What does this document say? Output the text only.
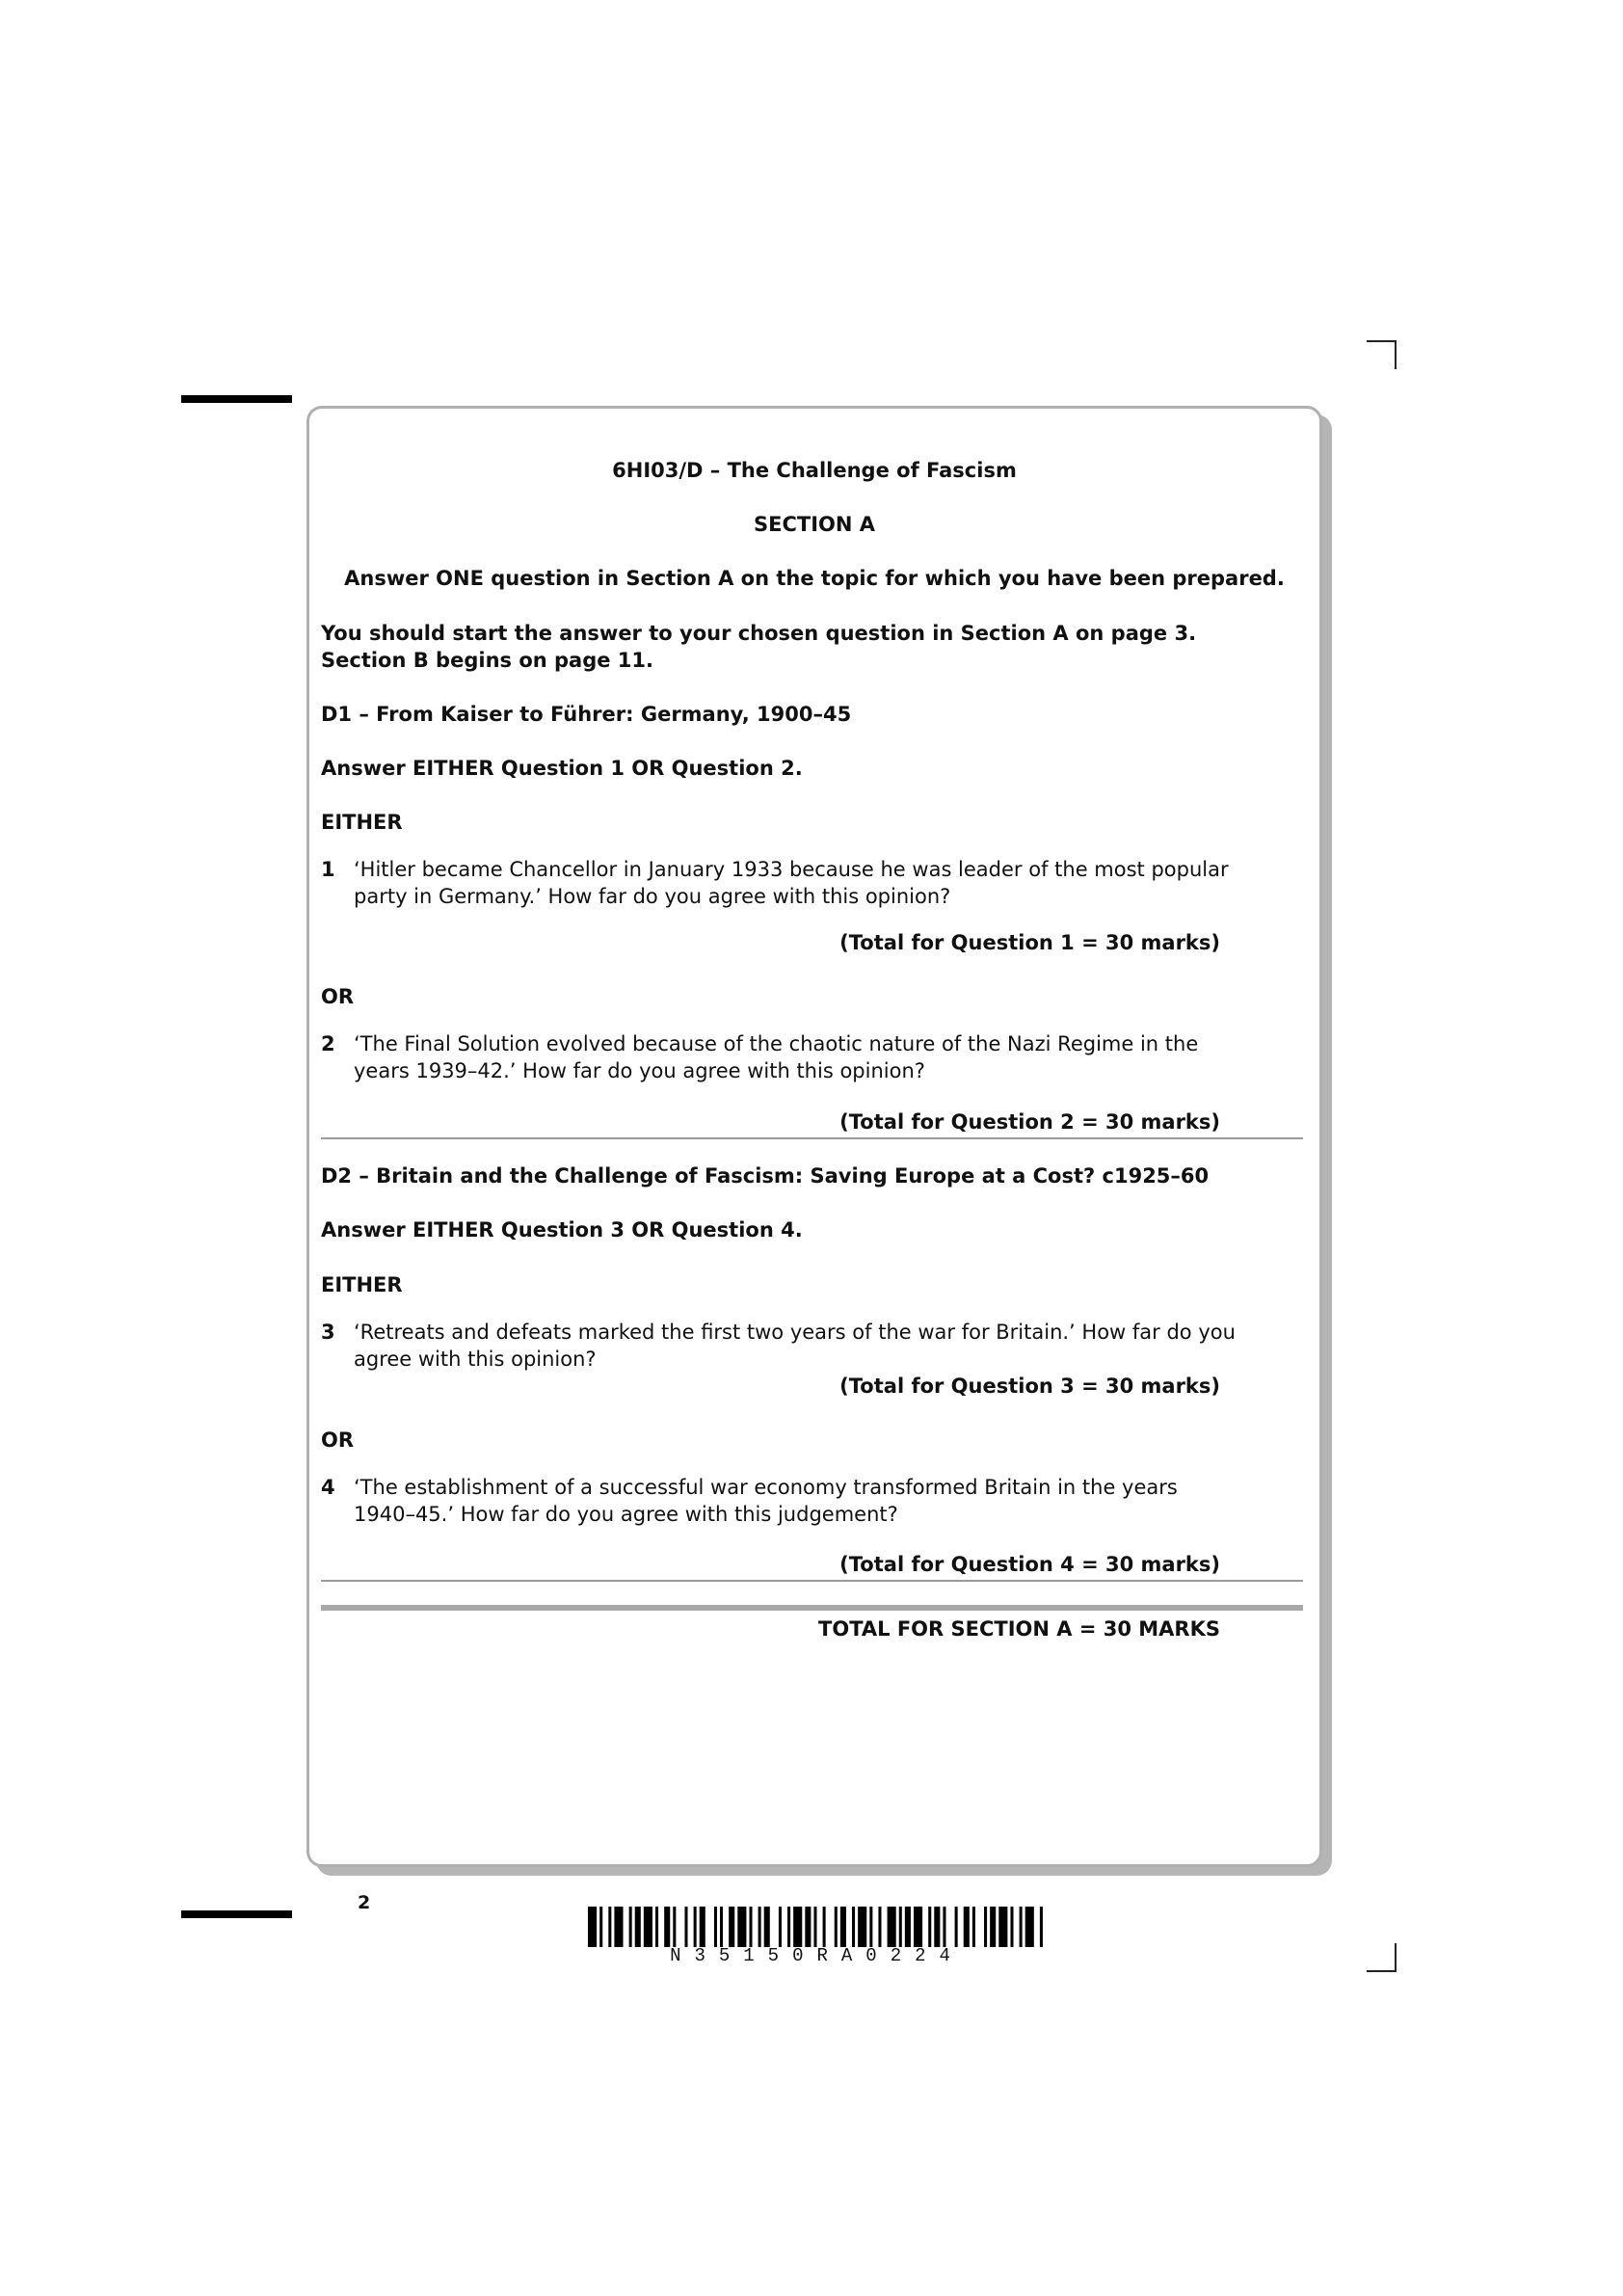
6HI03/D – The Challenge of Fascism
SECTION A
Answer ONE question in Section A on the topic for which you have been prepared.
You should start the answer to your chosen question in Section A on page 3.
Section B begins on page 11.
D1 – From Kaiser to Führer: Germany, 1900–45
Answer EITHER Question 1 OR Question 2.
EITHER
1 ‘Hitler became Chancellor in January 1933 because he was leader of the most popular
party in Germany.’ How far do you agree with this opinion?
(Total for Question 1 = 30 marks)
OR
2 ‘The Final Solution evolved because of the chaotic nature of the Nazi Regime in the
years 1939–42.’ How far do you agree with this opinion?
(Total for Question 2 = 30 marks)
D2 – Britain and the Challenge of Fascism: Saving Europe at a Cost? c1925–60
Answer EITHER Question 3 OR Question 4.
EITHER
3 ‘Retreats and defeats marked the first two years of the war for Britain.’ How far do you
agree with this opinion?
(Total for Question 3 = 30 marks)
OR
4 ‘The establishment of a successful war economy transformed Britain in the years
1940–45.’ How far do you agree with this judgement?
(Total for Question 4 = 30 marks)
TOTAL FOR SECTION A = 30 MARKS
2
N35150RA0224
